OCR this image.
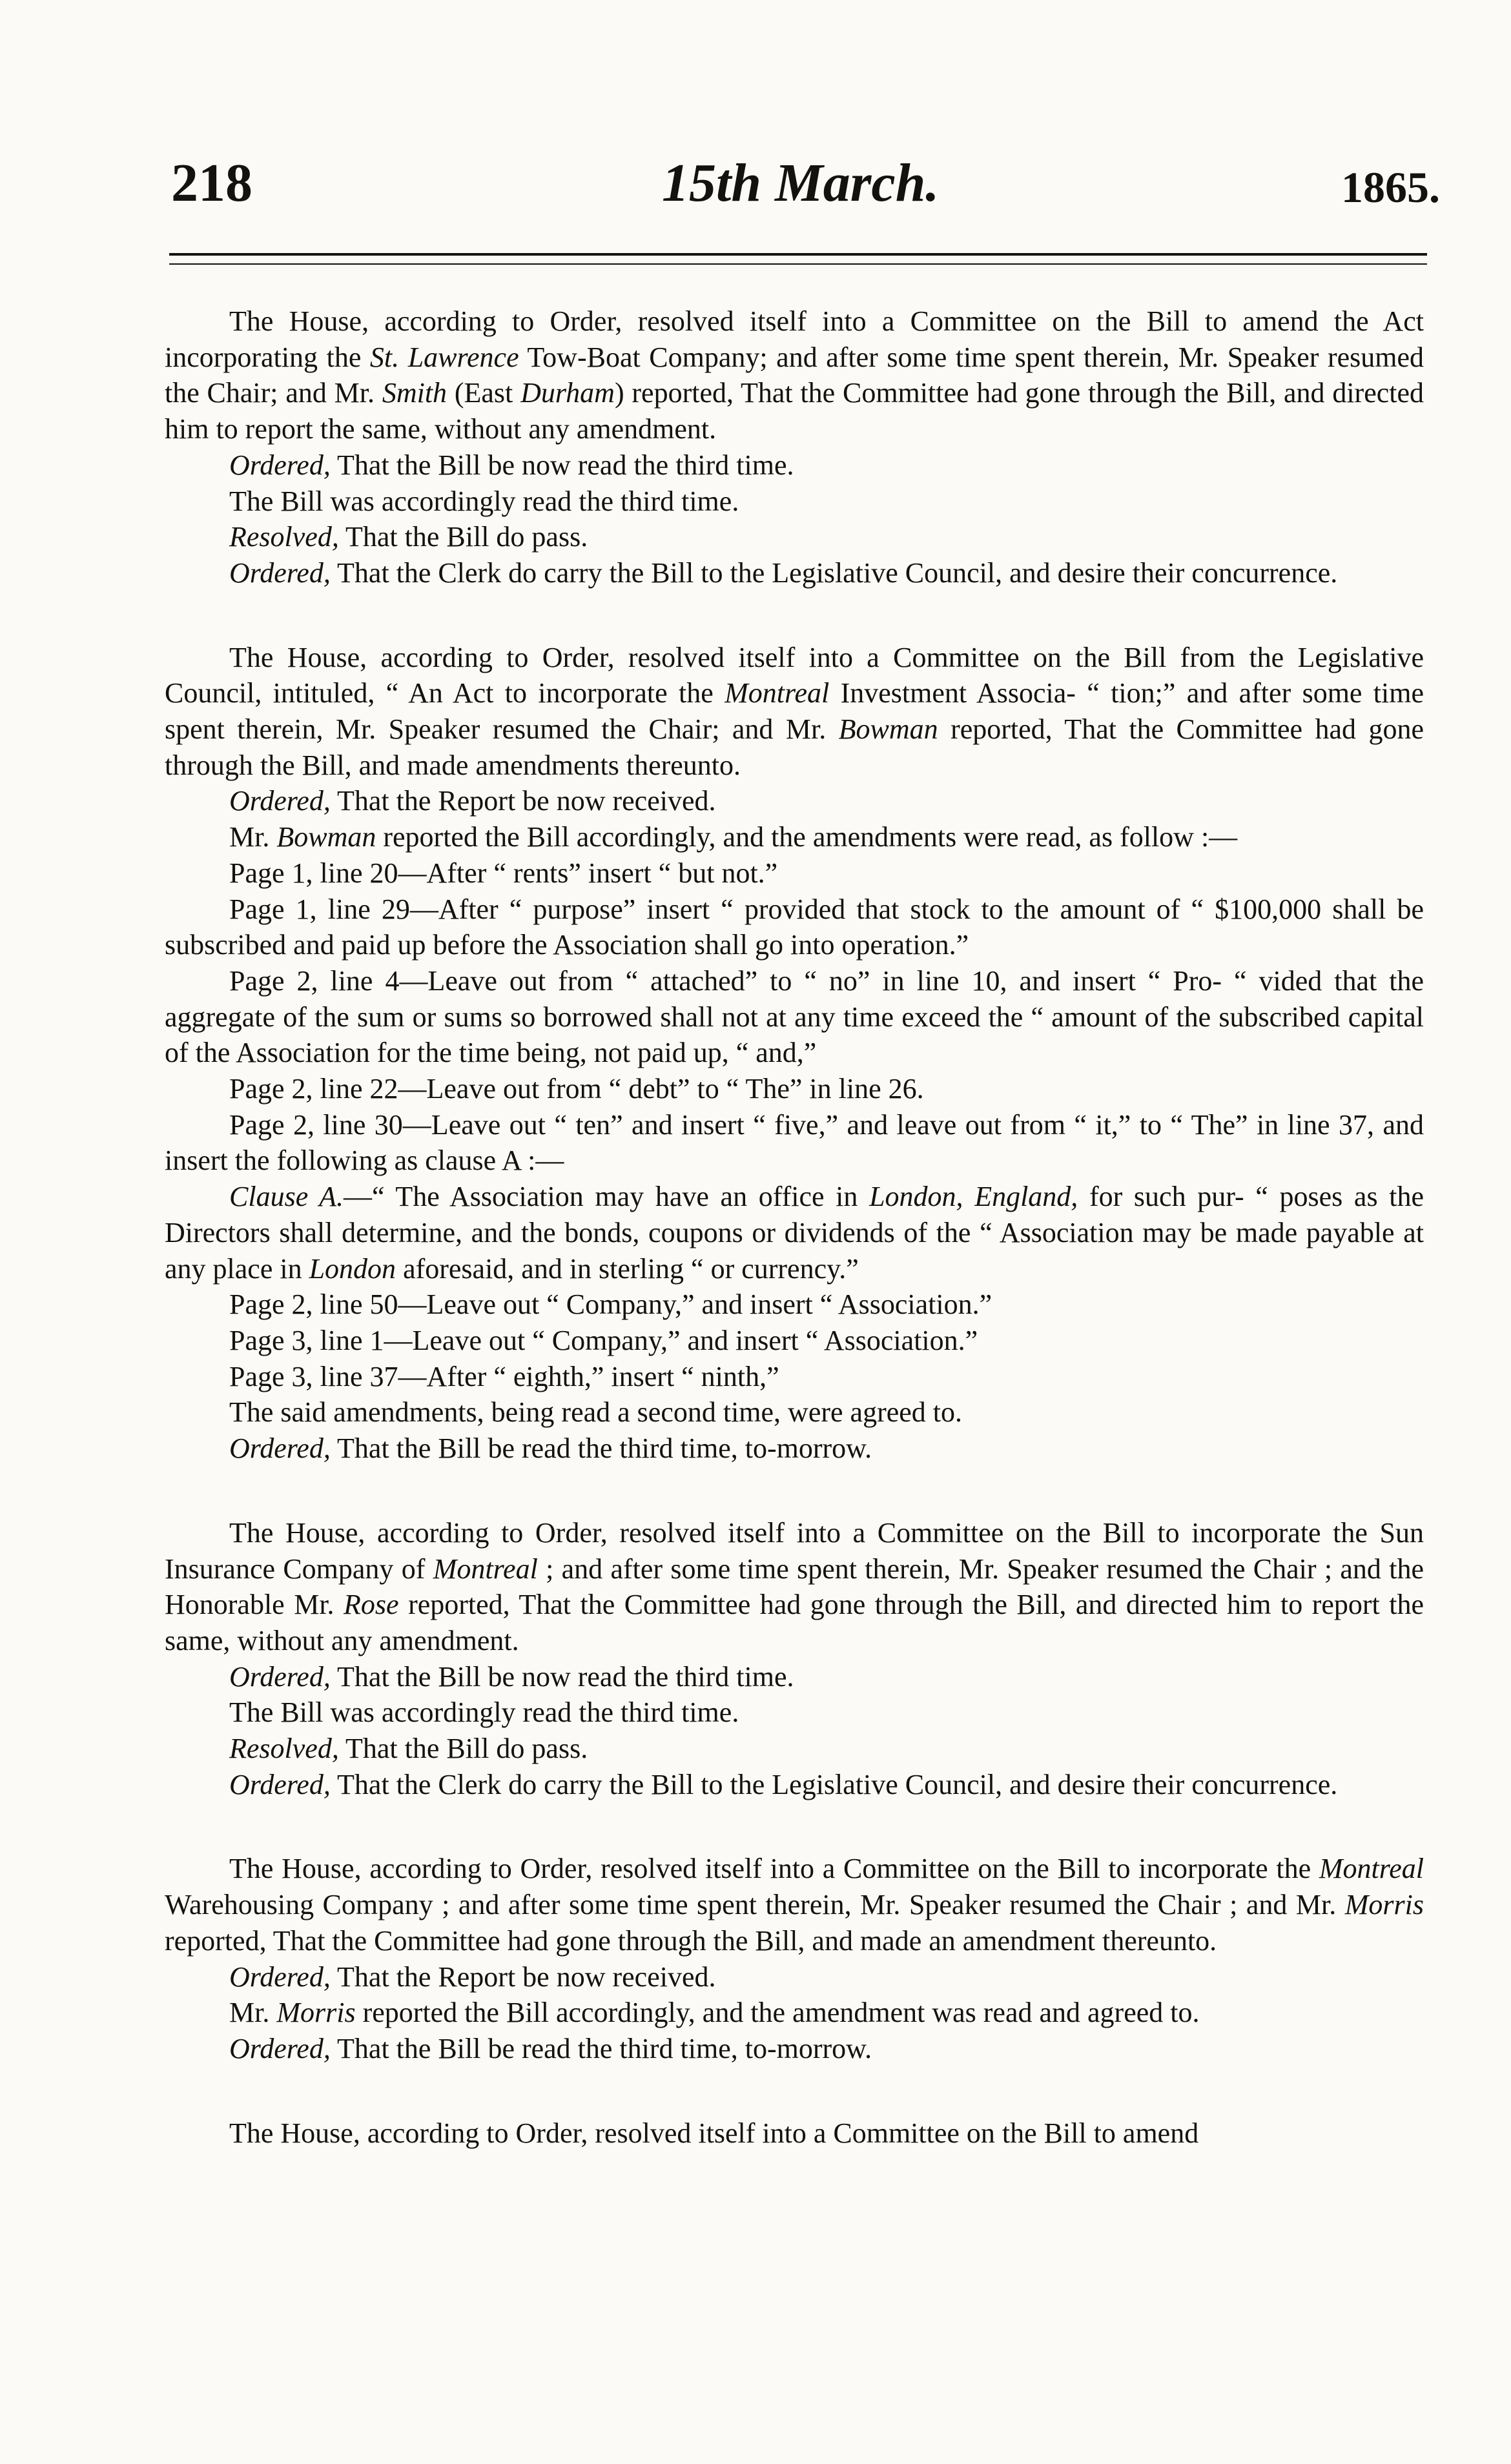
218	15th March.	1865.

The House, according to Order, resolved itself into a Committee on the Bill to amend the Act incorporating the St. Lawrence Tow-Boat Company; and after some time spent therein, Mr. Speaker resumed the Chair; and Mr. Smith (East Durham) reported, That the Committee had gone through the Bill, and directed him to report the same, without any amendment.

Ordered, That the Bill be now read the third time.

The Bill was accordingly read the third time.

Resolved, That the Bill do pass.

Ordered, That the Clerk do carry the Bill to the Legislative Council, and desire their concurrence.

The House, according to Order, resolved itself into a Committee on the Bill from the Legislative Council, intituled, “ An Act to incorporate the Montreal Investment Associa- “ tion;” and after some time spent therein, Mr. Speaker resumed the Chair; and Mr. Bowman reported, That the Committee had gone through the Bill, and made amendments thereunto.

Ordered, That the Report be now received.

Mr. Bowman reported the Bill accordingly, and the amendments were read, as follow :—

Page 1, line 20—After “ rents” insert “ but not.”

Page 1, line 29—After “ purpose” insert “ provided that stock to the amount of “ $100,000 shall be subscribed and paid up before the Association shall go into operation.”

Page 2, line 4—Leave out from “ attached” to “ no” in line 10, and insert “ Pro- “ vided that the aggregate of the sum or sums so borrowed shall not at any time exceed the “ amount of the subscribed capital of the Association for the time being, not paid up, “ and,”

Page 2, line 22—Leave out from “ debt” to “ The” in line 26.

Page 2, line 30—Leave out “ ten” and insert “ five,” and leave out from “ it,” to “ The” in line 37, and insert the following as clause A :—

Clause A.—“ The Association may have an office in London, England, for such pur- “ poses as the Directors shall determine, and the bonds, coupons or dividends of the “ Association may be made payable at any place in London aforesaid, and in sterling “ or currency.”

Page 2, line 50—Leave out “ Company,” and insert “ Association.”

Page 3, line 1—Leave out “ Company,” and insert “ Association.”

Page 3, line 37—After “ eighth,” insert “ ninth,”

The said amendments, being read a second time, were agreed to.

Ordered, That the Bill be read the third time, to-morrow.

The House, according to Order, resolved itself into a Committee on the Bill to incorporate the Sun Insurance Company of Montreal ; and after some time spent therein, Mr. Speaker resumed the Chair ; and the Honorable Mr. Rose reported, That the Committee had gone through the Bill, and directed him to report the same, without any amendment.

Ordered, That the Bill be now read the third time.

The Bill was accordingly read the third time.

Resolved, That the Bill do pass.

Ordered, That the Clerk do carry the Bill to the Legislative Council, and desire their concurrence.

The House, according to Order, resolved itself into a Committee on the Bill to incorporate the Montreal Warehousing Company ; and after some time spent therein, Mr. Speaker resumed the Chair ; and Mr. Morris reported, That the Committee had gone through the Bill, and made an amendment thereunto.

Ordered, That the Report be now received.

Mr. Morris reported the Bill accordingly, and the amendment was read and agreed to.

Ordered, That the Bill be read the third time, to-morrow.

The House, according to Order, resolved itself into a Committee on the Bill to amend
